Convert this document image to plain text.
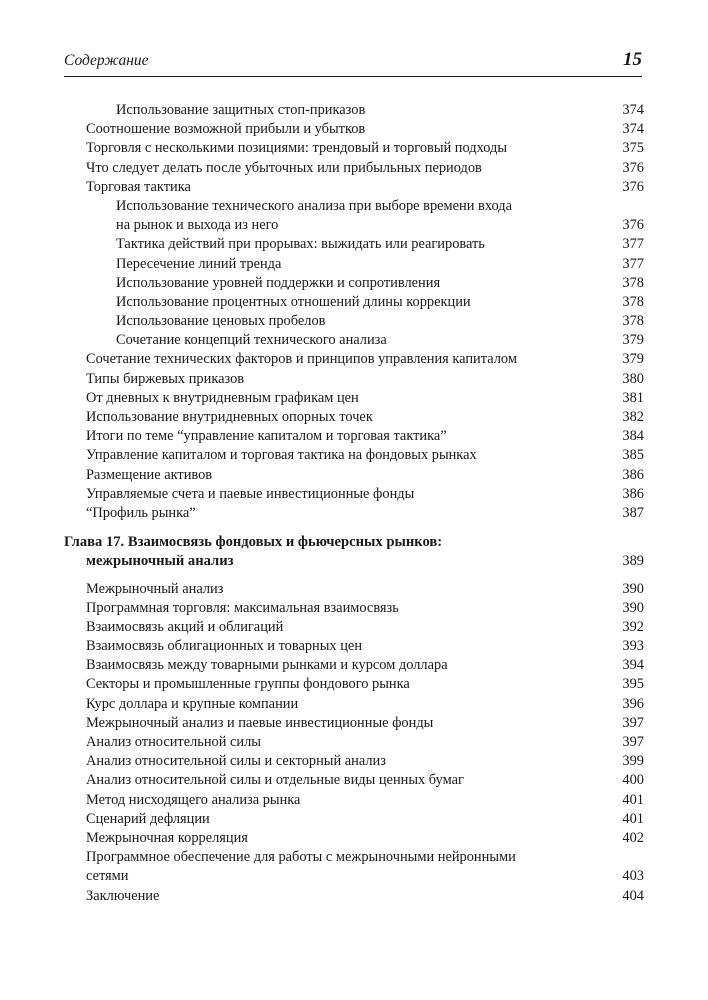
Содержание	15
Использование защитных стоп-приказов	374
Соотношение возможной прибыли и убытков	374
Торговля с несколькими позициями: трендовый и торговый подходы	375
Что следует делать после убыточных или прибыльных периодов	376
Торговая тактика	376
Использование технического анализа при выборе времени входа
на рынок и выхода из него	376
Тактика действий при прорывах: выжидать или реагировать	377
Пересечение линий тренда	377
Использование уровней поддержки и сопротивления	378
Использование процентных отношений длины коррекции	378
Использование ценовых пробелов	378
Сочетание концепций технического анализа	379
Сочетание технических факторов и принципов управления капиталом	379
Типы биржевых приказов	380
От дневных к внутридневным графикам цен	381
Использование внутридневных опорных точек	382
Итоги по теме “управление капиталом и торговая тактика”	384
Управление капиталом и торговая тактика на фондовых рынках	385
Размещение активов	386
Управляемые счета и паевые инвестиционные фонды	386
“Профиль рынка”	387
Глава 17. Взаимосвязь фондовых и фьючерсных рынков:
межрыночный анализ	389
Межрыночный анализ	390
Программная торговля: максимальная взаимосвязь	390
Взаимосвязь акций и облигаций	392
Взаимосвязь облигационных и товарных цен	393
Взаимосвязь между товарными рынками и курсом доллара	394
Секторы и промышленные группы фондового рынка	395
Курс доллара и крупные компании	396
Межрыночный анализ и паевые инвестиционные фонды	397
Анализ относительной силы	397
Анализ относительной силы и секторный анализ	399
Анализ относительной силы и отдельные виды ценных бумаг	400
Метод нисходящего анализа рынка	401
Сценарий дефляции	401
Межрыночная корреляция	402
Программное обеспечение для работы с межрыночными нейронными
сетями	403
Заключение	404
